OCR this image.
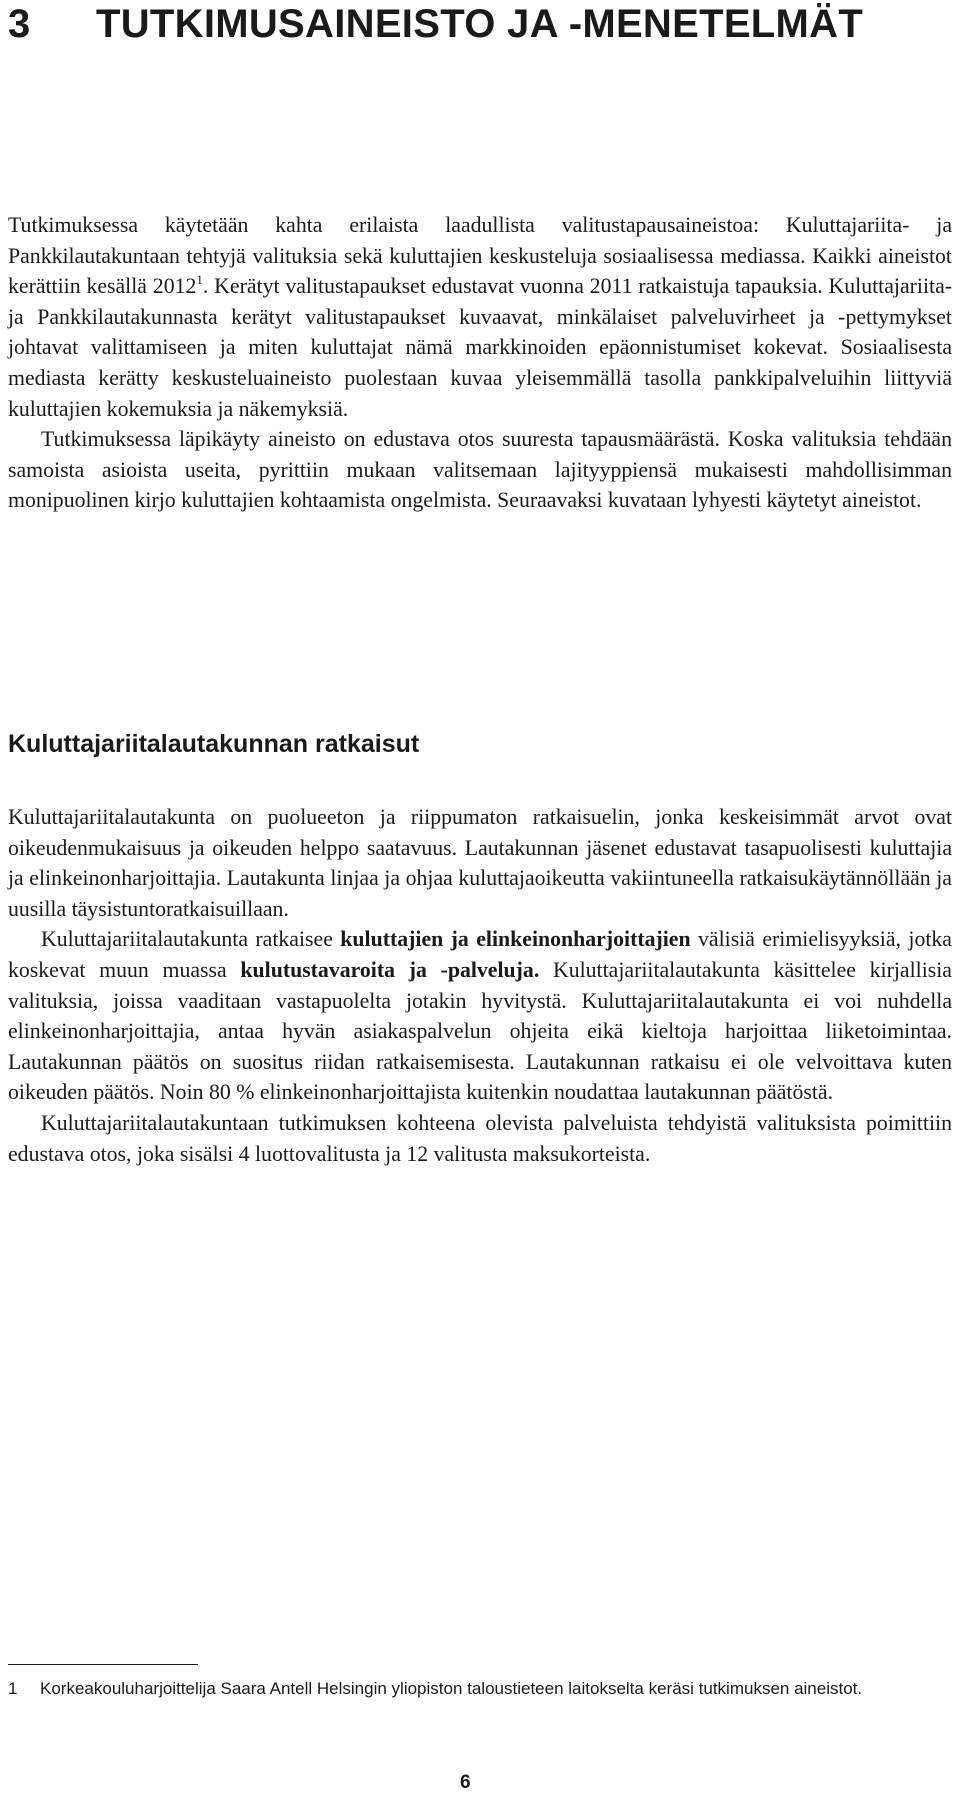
3 TUTKIMUSAINEISTO JA -MENETELMÄT

Tutkimuksessa käytetään kahta erilaista laadullista valitustapausaineistoa: Kuluttajariita- ja Pankkilautakuntaan tehtyjä valituksia sekä kuluttajien keskusteluja sosiaalisessa mediassa. Kaikki aineistot kerättiin kesällä 2012$^1$. Kerätyt valitustapaukset edustavat vuonna 2011 ratkaistuja tapauksia. Kuluttajariita- ja Pankkilautakunnasta kerätyt valitustapaukset kuvaavat, minkälaiset palveluvirheet ja -pettymykset johtavat valittamiseen ja miten kuluttajat nämä markkinoiden epäonnistumiset kokevat. Sosiaalisesta mediasta kerätty keskusteluaineisto puolestaan kuvaa yleisemmällä tasolla pankkipalveluihin liittyviä kuluttajien kokemuksia ja näkemyksiä.

Tutkimuksessa läpikäyty aineisto on edustava otos suuresta tapausmäärästä. Koska valituksia tehdään samoista asioista useita, pyrittiin mukaan valitsemaan lajityyppiensä mukaisesti mahdollisimman monipuolinen kirjo kuluttajien kohtaamista ongelmista. Seuraavaksi kuvataan lyhyesti käytetyt aineistot.

Kuluttajariitalautakunnan ratkaisut

Kuluttajariitalautakunta on puolueeton ja riippumaton ratkaisuelin, jonka keskeisimmät arvot ovat oikeudenmukaisuus ja oikeuden helppo saatavuus. Lautakunnan jäsenet edustavat tasapuolisesti kuluttajia ja elinkeinonharjoittajia. Lautakunta linjaa ja ohjaa kuluttajaoikeutta vakiintuneella ratkaisukäytännöllään ja uusilla täysistuntoratkaisuillaan.

Kuluttajariitalautakunta ratkaisee kuluttajien ja elinkeinonharjoittajien välisiä erimielisyyksiä, jotka koskevat muun muassa kulutustavaroita ja -palveluja. Kuluttajariitalautakunta käsittelee kirjallisia valituksia, joissa vaaditaan vastapuolelta jotakin hyvitystä. Kuluttajariitalautakunta ei voi nuhdella elinkeinonharjoittajia, antaa hyvän asiakaspalvelun ohjeita eikä kieltoja harjoittaa liiketoimintaa. Lautakunnan päätös on suositus riidan ratkaisemisesta. Lautakunnan ratkaisu ei ole velvoittava kuten oikeuden päätös. Noin 80 % elinkeinonharjoittajista kuitenkin noudattaa lautakunnan päätöstä.

Kuluttajariitalautakuntaan tutkimuksen kohteena olevista palveluista tehdyistä valituksista poimittiin edustava otos, joka sisälsi 4 luottovalitusta ja 12 valitusta maksukorteista.

1 Korkeakouluharjoittelija Saara Antell Helsingin yliopiston taloustieteen laitokselta keräsi tutkimuksen aineistot.
6
